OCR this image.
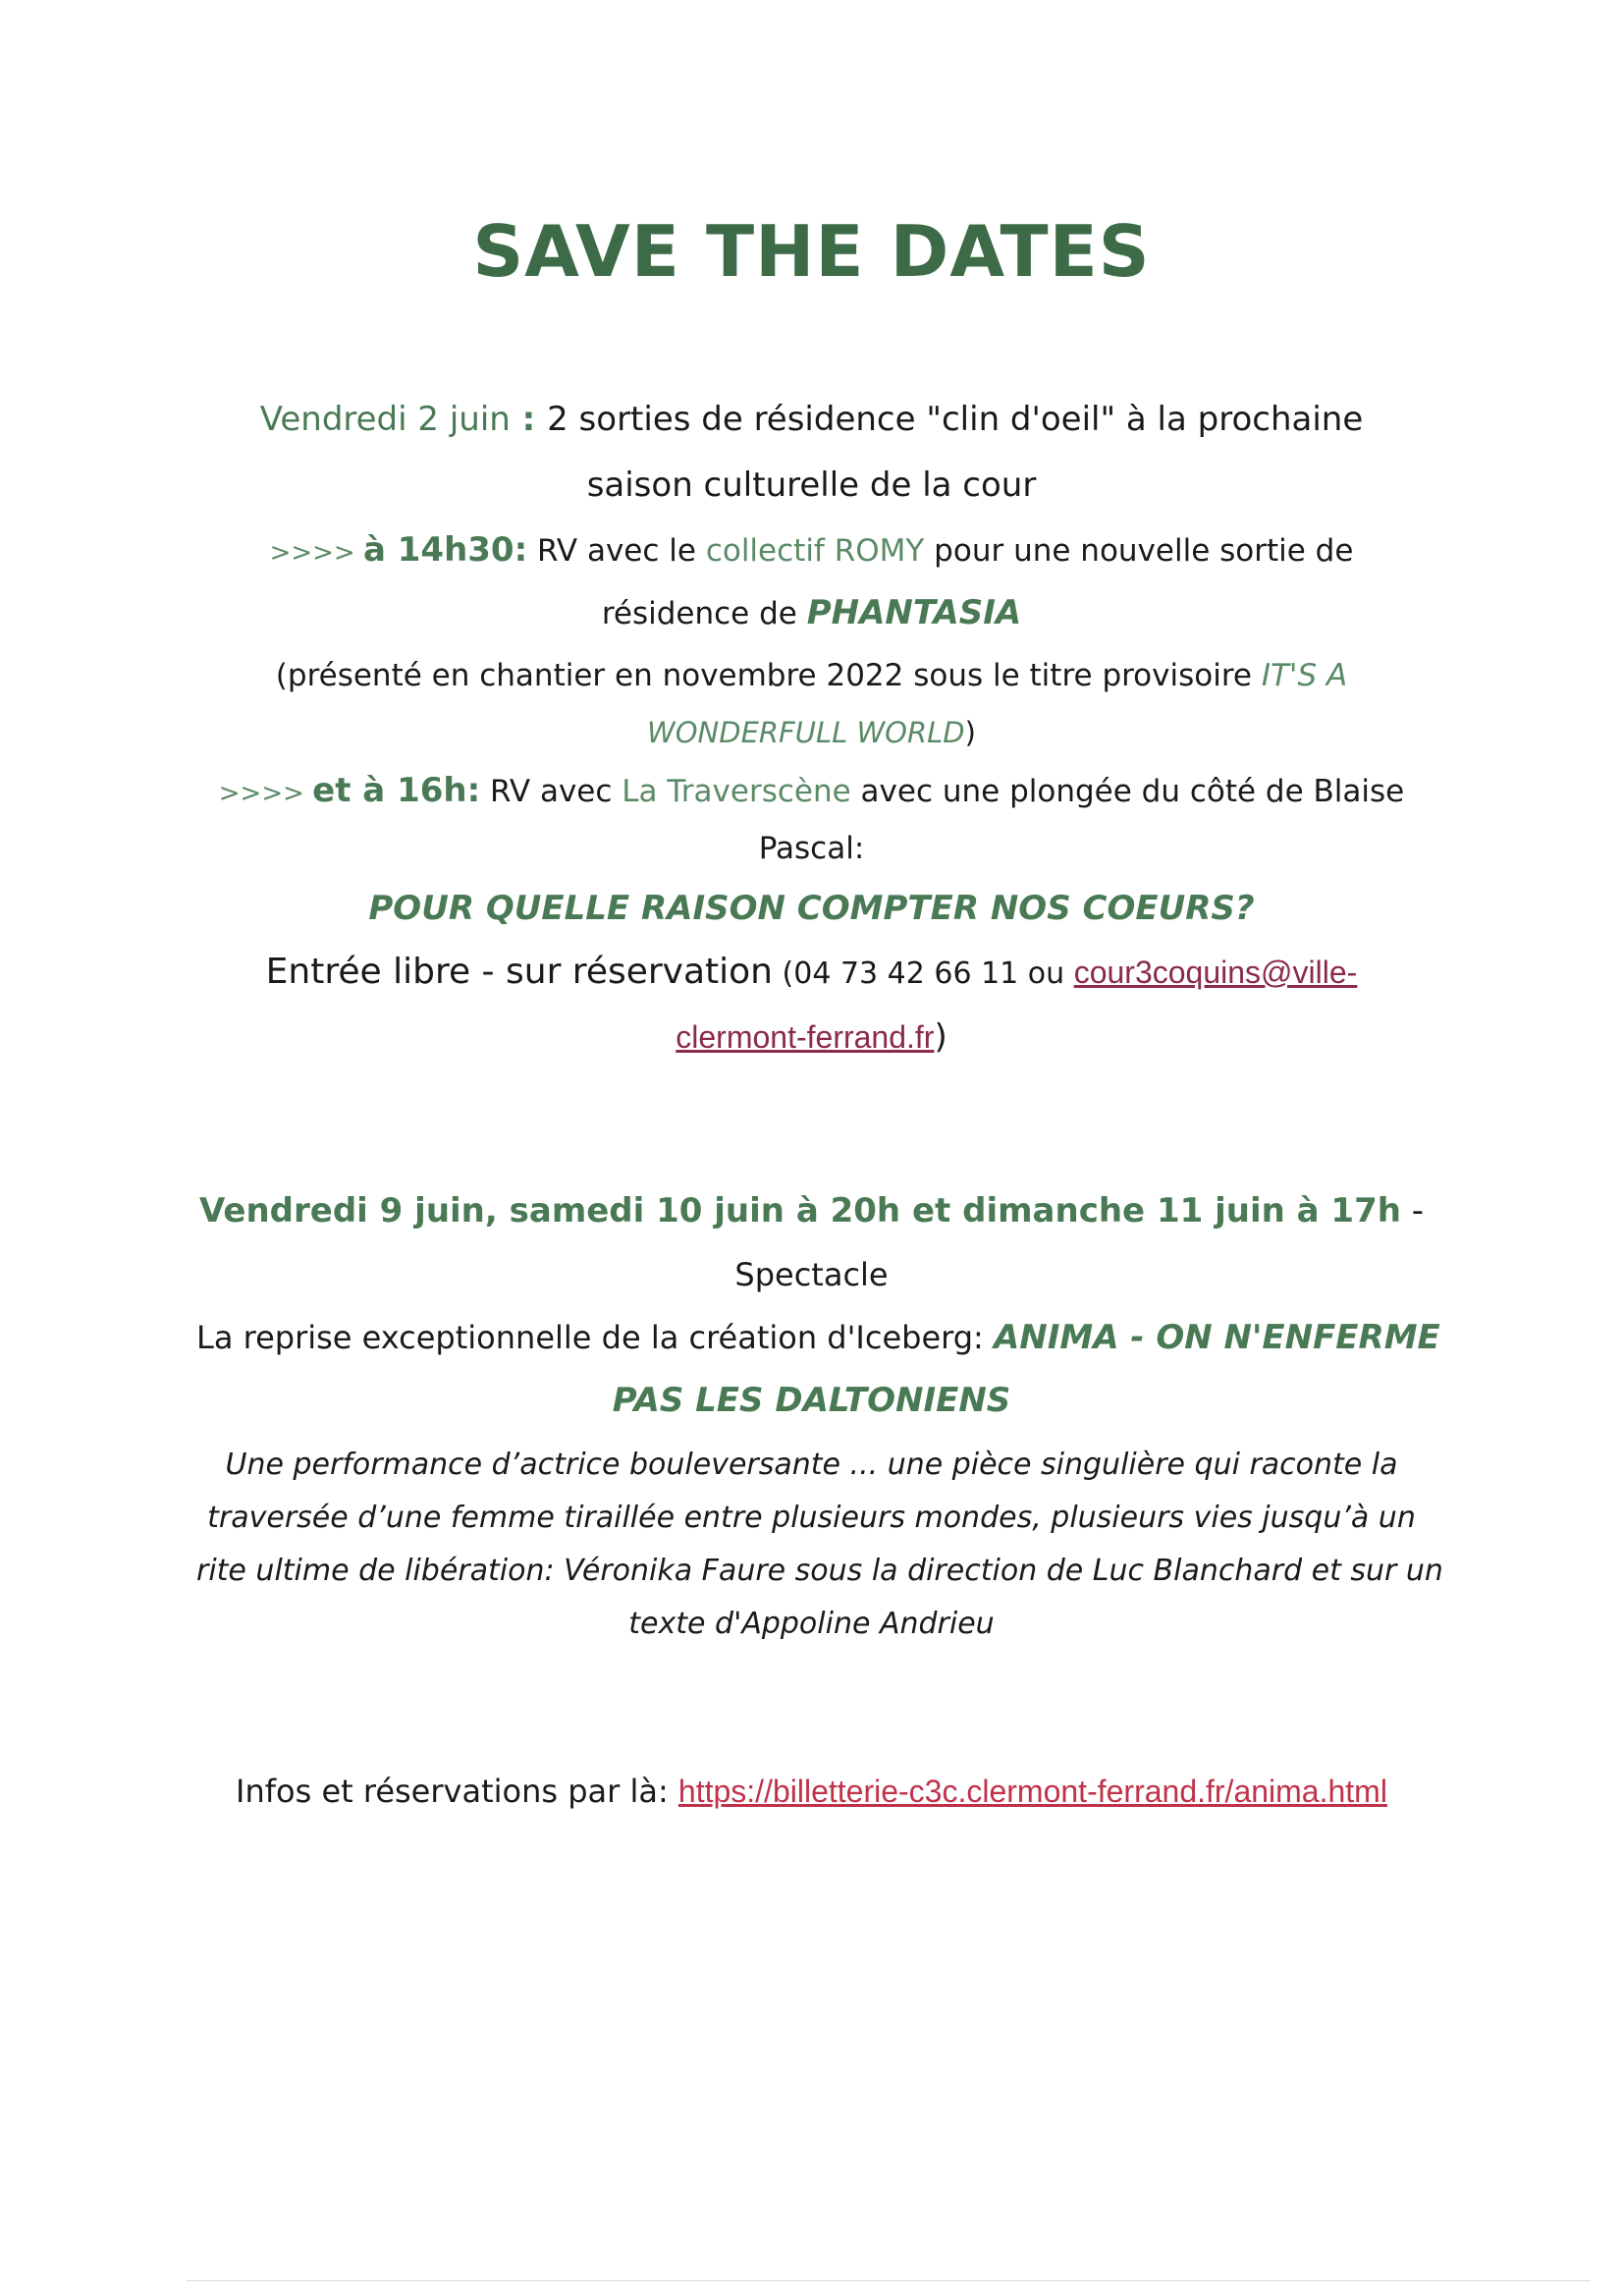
SAVE THE DATES
Vendredi 2 juin : 2 sorties de résidence "clin d'oeil" à la prochaine
saison culturelle de la cour
>>>> à 14h30: RV avec le collectif ROMY pour une nouvelle sortie de
résidence de PHANTASIA
(présenté en chantier en novembre 2022 sous le titre provisoire IT'S A
WONDERFULL WORLD)
>>>> et à 16h: RV avec La Traverscène avec une plongée du côté de Blaise
Pascal:
POUR QUELLE RAISON COMPTER NOS COEURS?
Entrée libre - sur réservation (04 73 42 66 11 ou cour3coquins@ville-
clermont-ferrand.fr)
Vendredi 9 juin, samedi 10 juin à 20h et dimanche 11 juin à 17h -
Spectacle
La reprise exceptionnelle de la création d'Iceberg: ANIMA - ON N'ENFERME
PAS LES DALTONIENS
Une performance d’actrice bouleversante ... une pièce singulière qui raconte la
traversée d’une femme tiraillée entre plusieurs mondes, plusieurs vies jusqu’à un
rite ultime de libération: Véronika Faure sous la direction de Luc Blanchard et sur un
texte d'Appoline Andrieu
Infos et réservations par là: https://billetterie-c3c.clermont-ferrand.fr/anima.html
